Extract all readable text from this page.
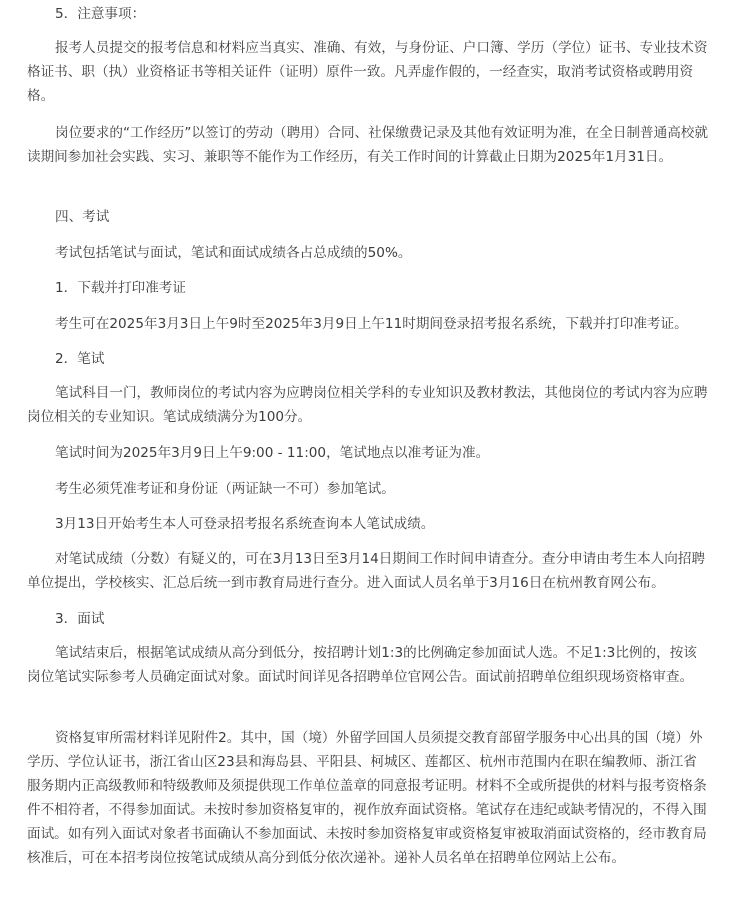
5．注意事项：

报考人员提交的报考信息和材料应当真实、准确、有效，与身份证、户口簿、学历（学位）证书、专业技术资格证书、职（执）业资格证书等相关证件（证明）原件一致。凡弄虚作假的，一经查实，取消考试资格或聘用资格。

岗位要求的“工作经历”以签订的劳动（聘用）合同、社保缴费记录及其他有效证明为准，在全日制普通高校就读期间参加社会实践、实习、兼职等不能作为工作经历，有关工作时间的计算截止日期为2025年1月31日。

四、考试

考试包括笔试与面试，笔试和面试成绩各占总成绩的50%。

1．下载并打印准考证

考生可在2025年3月3日上午9时至2025年3月9日上午11时期间登录招考报名系统，下载并打印准考证。

2．笔试

笔试科目一门，教师岗位的考试内容为应聘岗位相关学科的专业知识及教材教法，其他岗位的考试内容为应聘岗位相关的专业知识。笔试成绩满分为100分。

笔试时间为2025年3月9日上午9:00 - 11:00，笔试地点以准考证为准。

考生必须凭准考证和身份证（两证缺一不可）参加笔试。

3月13日开始考生本人可登录招考报名系统查询本人笔试成绩。

对笔试成绩（分数）有疑义的，可在3月13日至3月14日期间工作时间申请查分。查分申请由考生本人向招聘单位提出，学校核实、汇总后统一到市教育局进行查分。进入面试人员名单于3月16日在杭州教育网公布。

3．面试

笔试结束后，根据笔试成绩从高分到低分，按招聘计划1:3的比例确定参加面试人选。不足1:3比例的，按该岗位笔试实际参考人员确定面试对象。面试时间详见各招聘单位官网公告。面试前招聘单位组织现场资格审查。

资格复审所需材料详见附件2。其中，国（境）外留学回国人员须提交教育部留学服务中心出具的国（境）外学历、学位认证书，浙江省山区23县和海岛县、平阳县、柯城区、莲都区、杭州市范围内在职在编教师、浙江省服务期内正高级教师和特级教师及须提供现工作单位盖章的同意报考证明。材料不全或所提供的材料与报考资格条件不相符者，不得参加面试。未按时参加资格复审的，视作放弃面试资格。笔试存在违纪或缺考情况的，不得入围面试。如有列入面试对象者书面确认不参加面试、未按时参加资格复审或资格复审被取消面试资格的，经市教育局核准后，可在本招考岗位按笔试成绩从高分到低分依次递补。递补人员名单在招聘单位网站上公布。
